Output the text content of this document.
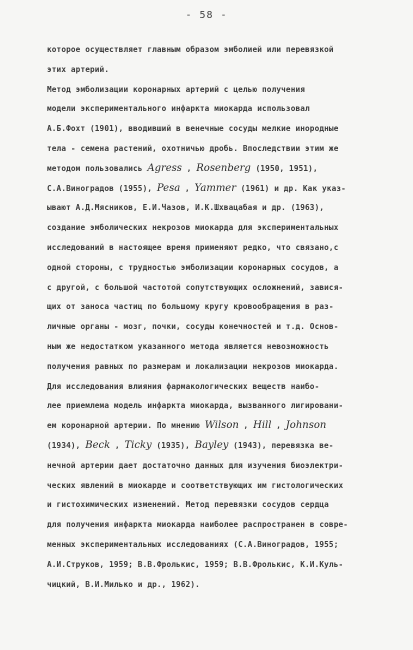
- 58 -
которое осуществляет главным образом эмболией или перевязкой
этих артерий.
Метод эмболизации коронарных артерий с целью получения
модели экспериментального инфаркта миокарда использовал
А.Б.Фохт (1901), вводивший в венечные сосуды мелкие инородные
тела - семена растений, охотничью дробь. Впоследствии этим же
методом пользовались Agress , Rosenberg (1950, 1951),
С.А.Виноградов (1955), Pesa , Yammer (1961) и др. Как указ-
ывают А.Д.Мясников, Е.И.Чазов, И.К.Шхвацабая и др. (1963),
создание эмболических некрозов миокарда для экспериментальных
исследований в настоящее время применяют редко, что связано,с
одной стороны, с трудностью эмболизации коронарных сосудов, а
с другой, с большой частотой сопутствующих осложнений, завися-
щих от заноса частиц по большому кругу кровообращения в раз-
личные органы - мозг, почки, сосуды конечностей и т.д. Основ-
ным же недостатком указанного метода является невозможность
получения равных по размерам и локализации некрозов миокарда.
Для исследования влияния фармакологических веществ наибо-
лее приемлема модель инфаркта миокарда, вызванного лигировани-
ем коронарной артерии. По мнению Wilson , Hill , Johnson
(1934), Beck , Ticky (1935), Bayley (1943), перевязка ве-
нечной артерии дает достаточно данных для изучения биоэлектри-
ческих явлений в миокарде и соответствующих им гистологических
и гистохимических изменений. Метод перевязки сосудов сердца
для получения инфаркта миокарда наиболее распространен в совре-
менных экспериментальных исследованиях (С.А.Виноградов, 1955;
А.И.Струков, 1959; В.В.Фролькис, 1959; В.В.Фролькис, К.И.Куль-
чицкий, В.И.Милько и др., 1962).
